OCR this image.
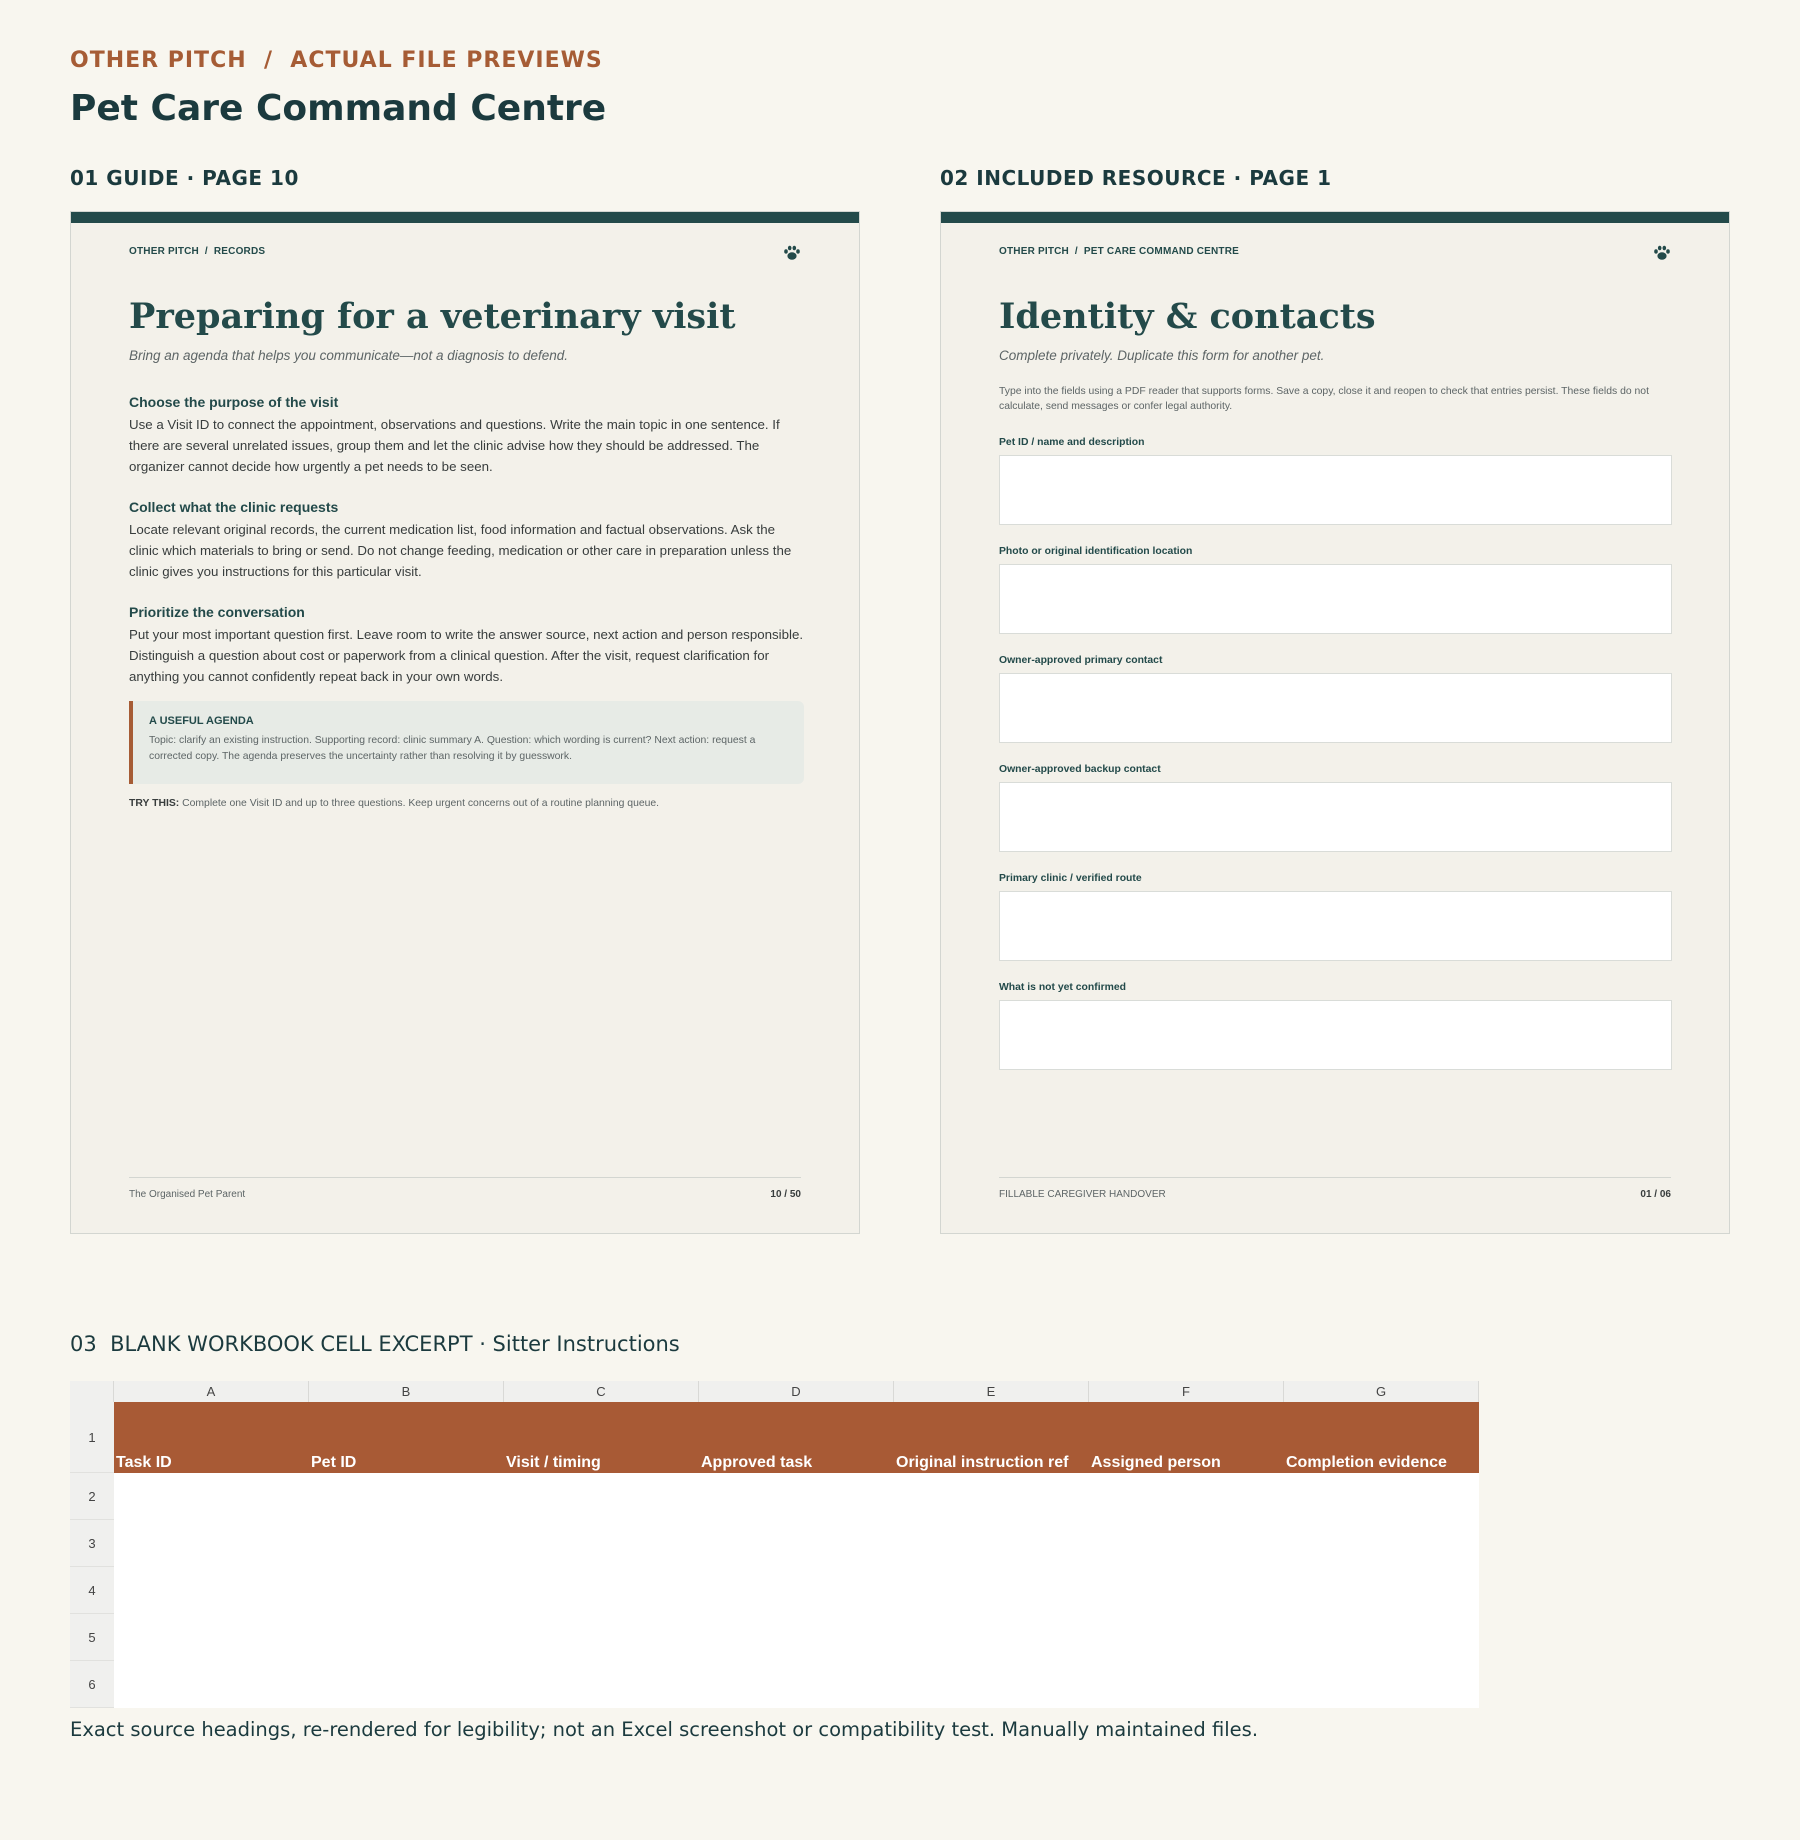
OTHER PITCH  /  ACTUAL FILE PREVIEWS
Pet Care Command Centre
01 GUIDE · PAGE 10
OTHER PITCH  /  RECORDS
Preparing for a veterinary visit
Bring an agenda that helps you communicate—not a diagnosis to defend.
Choose the purpose of the visit

Use a Visit ID to connect the appointment, observations and questions. Write the main topic in one sentence. If there are several unrelated issues, group them and let the clinic advise how they should be addressed. The organizer cannot decide how urgently a pet needs to be seen.

Collect what the clinic requests

Locate relevant original records, the current medication list, food information and factual observations. Ask the clinic which materials to bring or send. Do not change feeding, medication or other care in preparation unless the clinic gives you instructions for this particular visit.

Prioritize the conversation

Put your most important question first. Leave room to write the answer source, next action and person responsible. Distinguish a question about cost or paperwork from a clinical question. After the visit, request clarification for anything you cannot confidently repeat back in your own words.

A USEFUL AGENDA
Topic: clarify an existing instruction. Supporting record: clinic summary A. Question: which wording is current? Next action: request a corrected copy. The agenda preserves the uncertainty rather than resolving it by guesswork.
TRY THIS: Complete one Visit ID and up to three questions. Keep urgent concerns out of a routine planning queue.
The Organised Pet Parent	10 / 50
02 INCLUDED RESOURCE · PAGE 1
OTHER PITCH  /  PET CARE COMMAND CENTRE
Identity & contacts
Complete privately. Duplicate this form for another pet.
Type into the fields using a PDF reader that supports forms. Save a copy, close it and reopen to check that entries persist. These fields do not calculate, send messages or confer legal authority.
Pet ID / name and description
Photo or original identification location
Owner-approved primary contact
Owner-approved backup contact
Primary clinic / verified route
What is not yet confirmed
FILLABLE CAREGIVER HANDOVER	01 / 06
03  BLANK WORKBOOK CELL EXCERPT · Sitter Instructions
A	B	C	D	E	F	G
1
Task ID	Pet ID	Visit / timing	Approved task	Original instruction ref	Assigned person	Completion evidence
2
3
4
5
6
Exact source headings, re-rendered for legibility; not an Excel screenshot or compatibility test. Manually maintained files.
